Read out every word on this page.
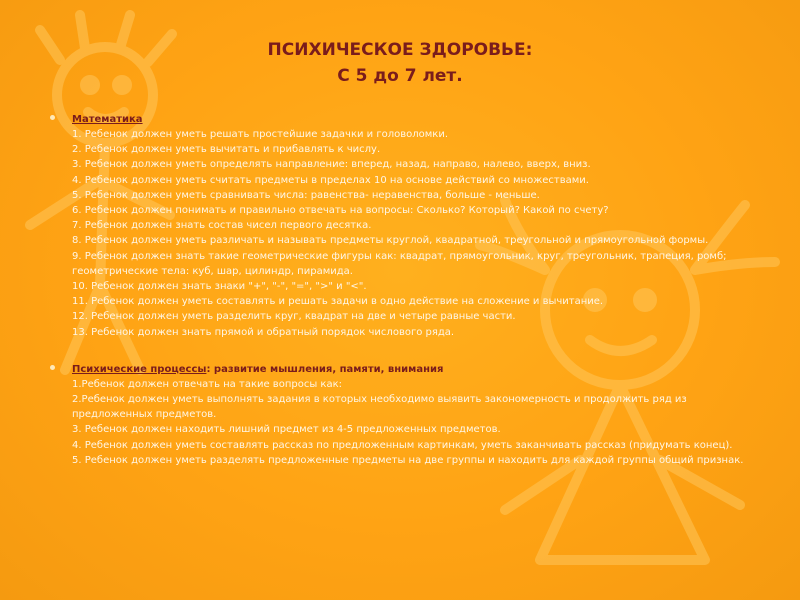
ПСИХИЧЕСКОЕ ЗДОРОВЬЕ:
С 5 до 7 лет.
Математика
1. Ребенок должен уметь решать простейшие задачки и головоломки.
2. Ребенок должен уметь вычитать и прибавлять к числу.
3. Ребенок должен уметь определять направление: вперед, назад, направо, налево, вверх, вниз.
4. Ребенок должен уметь считать предметы в пределах 10 на основе действий со множествами.
5. Ребенок должен уметь сравнивать числа: равенства- неравенства, больше - меньше.
6. Ребенок должен понимать и правильно отвечать на вопросы: Сколько? Который? Какой по счету?
7. Ребенок должен знать состав чисел первого десятка.
8. Ребенок должен уметь различать и называть предметы круглой, квадратной, треугольной и прямоугольной формы.
9. Ребенок должен знать такие геометрические фигуры как: квадрат, прямоугольник, круг, треугольник, трапеция, ромб; геометрические тела: куб, шар, цилиндр, пирамида.
10. Ребенок должен знать знаки "+", "-", "=", ">" и "<".
11. Ребенок должен уметь составлять и решать задачи в одно действие на сложение и вычитание.
12. Ребенок должен уметь разделить круг, квадрат на две и четыре равные части.
13. Ребенок должен знать прямой и обратный порядок числового ряда.
Психические процессы: развитие мышления, памяти, внимания
1.Ребенок должен отвечать на такие вопросы как:
2.Ребенок должен уметь выполнять задания в которых необходимо выявить закономерность и продолжить ряд из предложенных предметов.
3. Ребенок должен находить лишний предмет из 4-5 предложенных предметов.
4. Ребенок должен уметь составлять рассказ по предложенным картинкам, уметь заканчивать рассказ (придумать конец).
5. Ребенок должен уметь разделять предложенные предметы на две группы и находить для каждой группы общий признак.
